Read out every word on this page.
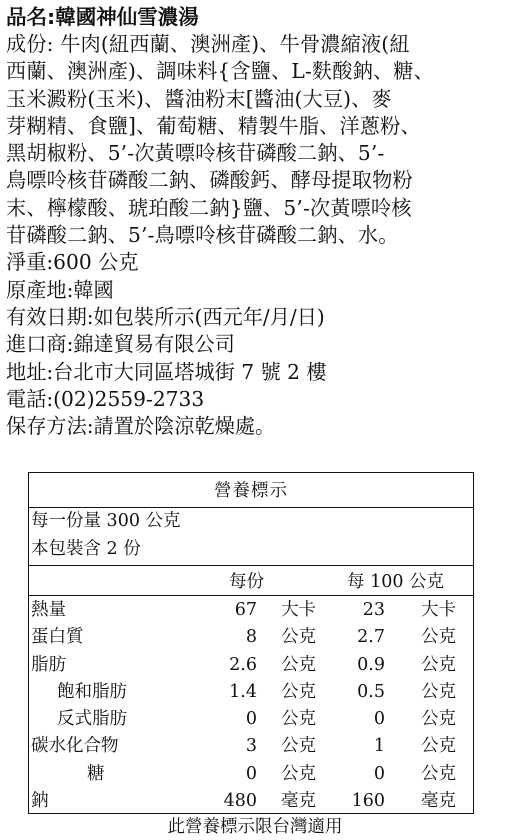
品名:韓國神仙雪濃湯

成份: 牛肉(紐西蘭、澳洲產)、牛骨濃縮液(紐
西蘭、澳洲產)、調味料{含鹽、L-麩酸鈉、糖、
玉米澱粉(玉米)、醬油粉末[醬油(大豆)、麥
芽糊精、食鹽]、葡萄糖、精製牛脂、洋蔥粉、
黑胡椒粉、5’-次黃嘌呤核苷磷酸二鈉、5’-
鳥嘌呤核苷磷酸二鈉、磷酸鈣、酵母提取物粉
末、檸檬酸、琥珀酸二鈉}鹽、5’-次黃嘌呤核
苷磷酸二鈉、5’-鳥嘌呤核苷磷酸二鈉、水。

淨重:600 公克

原產地:韓國

有效日期:如包裝所示(西元年/月/日)

進口商:錦達貿易有限公司

地址:台北市大同區塔城街 7 號 2 樓

電話:(02)2559-2733

保存方法:請置於陰涼乾燥處。

營養標示
每一份量 300 公克
本包裝含 2 份
每份	每 100 公克
熱量	67 大卡	23 大卡
蛋白質	8 公克 2.7 公克
脂肪	2.6 公克 0.9 公克
飽和脂肪	1.4 公克 0.5 公克
反式脂肪	0 公克	0 公克
碳水化合物	3 公克	1 公克
糖	0 公克	0 公克
鈉	480 毫克 160 毫克
此營養標示限台灣適用
